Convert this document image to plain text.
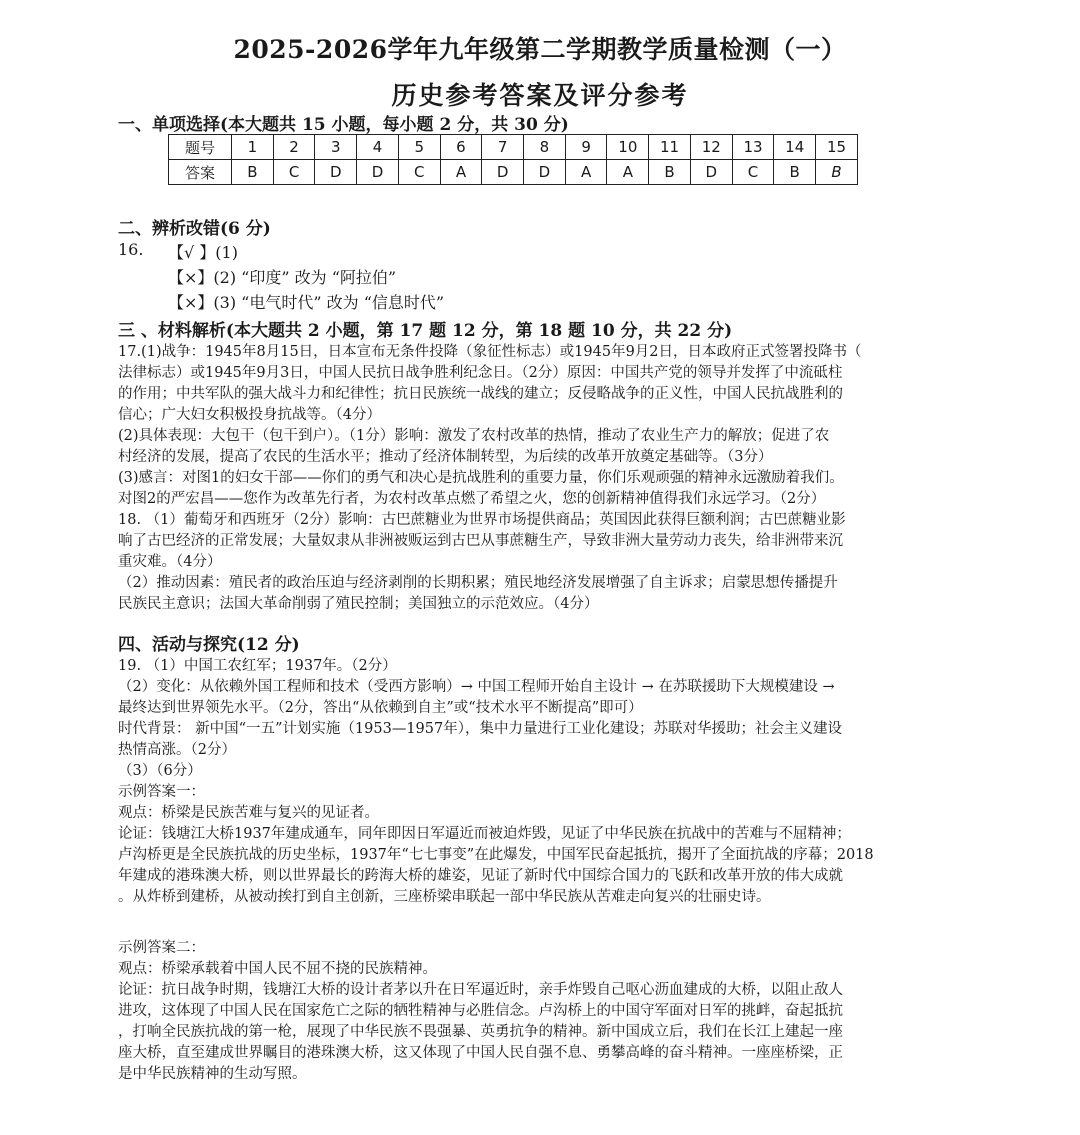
2025-2026学年九年级第二学期教学质量检测（一）
历史参考答案及评分参考
一、单项选择(本大题共 15 小题，每小题 2 分，共 30 分)
题号	1	2	3	4	5	6	7	8	9	10	11	12	13	14	15
答案	B	C	D	D	C	A	D	D	A	A	B	D	C	B	B
二、辨析改错(6 分)
16. 【√ 】(1)
【×】(2) “印度” 改为 “阿拉伯”
【×】(3) “电气时代” 改为 “信息时代”
三 、材料解析(本大题共 2 小题，第 17 题 12 分，第 18 题 10 分，共 22 分)
17.(1)战争：1945年8月15日，日本宣布无条件投降（象征性标志）或1945年9月2日，日本政府正式签署投降书（
法律标志）或1945年9月3日，中国人民抗日战争胜利纪念日。（2分）原因：中国共产党的领导并发挥了中流砥柱
的作用；中共军队的强大战斗力和纪律性；抗日民族统一战线的建立；反侵略战争的正义性，中国人民抗战胜利的
信心；广大妇女积极投身抗战等。（4分）
(2)具体表现：大包干（包干到户）。（1分）影响：激发了农村改革的热情，推动了农业生产力的解放；促进了农
村经济的发展，提高了农民的生活水平；推动了经济体制转型，为后续的改革开放奠定基础等。（3分）
(3)感言：对图1的妇女干部——你们的勇气和决心是抗战胜利的重要力量，你们乐观顽强的精神永远激励着我们。
对图2的严宏昌——您作为改革先行者，为农村改革点燃了希望之火，您的创新精神值得我们永远学习。（2分）
18. （1）葡萄牙和西班牙（2分）影响：古巴蔗糖业为世界市场提供商品；英国因此获得巨额利润；古巴蔗糖业影
响了古巴经济的正常发展；大量奴隶从非洲被贩运到古巴从事蔗糖生产，导致非洲大量劳动力丧失，给非洲带来沉
重灾难。（4分）
（2）推动因素：殖民者的政治压迫与经济剥削的长期积累；殖民地经济发展增强了自主诉求；启蒙思想传播提升
民族民主意识；法国大革命削弱了殖民控制；美国独立的示范效应。（4分）
四、活动与探究(12 分)
19. （1）中国工农红军；1937年。（2分）
（2）变化：从依赖外国工程师和技术（受西方影响）→ 中国工程师开始自主设计 → 在苏联援助下大规模建设 →
最终达到世界领先水平。（2分，答出“从依赖到自主”或“技术水平不断提高”即可）
时代背景： 新中国“一五”计划实施（1953—1957年），集中力量进行工业化建设；苏联对华援助；社会主义建设
热情高涨。（2分）
（3）（6分）
示例答案一：
观点：桥梁是民族苦难与复兴的见证者。
论证：钱塘江大桥1937年建成通车，同年即因日军逼近而被迫炸毁，见证了中华民族在抗战中的苦难与不屈精神；
卢沟桥更是全民族抗战的历史坐标，1937年“七七事变”在此爆发，中国军民奋起抵抗，揭开了全面抗战的序幕；2018
年建成的港珠澳大桥，则以世界最长的跨海大桥的雄姿，见证了新时代中国综合国力的飞跃和改革开放的伟大成就
。从炸桥到建桥，从被动挨打到自主创新，三座桥梁串联起一部中华民族从苦难走向复兴的壮丽史诗。
示例答案二：
观点：桥梁承载着中国人民不屈不挠的民族精神。
论证：抗日战争时期，钱塘江大桥的设计者茅以升在日军逼近时，亲手炸毁自己呕心沥血建成的大桥，以阻止敌人
进攻，这体现了中国人民在国家危亡之际的牺牲精神与必胜信念。卢沟桥上的中国守军面对日军的挑衅，奋起抵抗
，打响全民族抗战的第一枪，展现了中华民族不畏强暴、英勇抗争的精神。新中国成立后，我们在长江上建起一座
座大桥，直至建成世界瞩目的港珠澳大桥，这又体现了中国人民自强不息、勇攀高峰的奋斗精神。一座座桥梁，正
是中华民族精神的生动写照。
